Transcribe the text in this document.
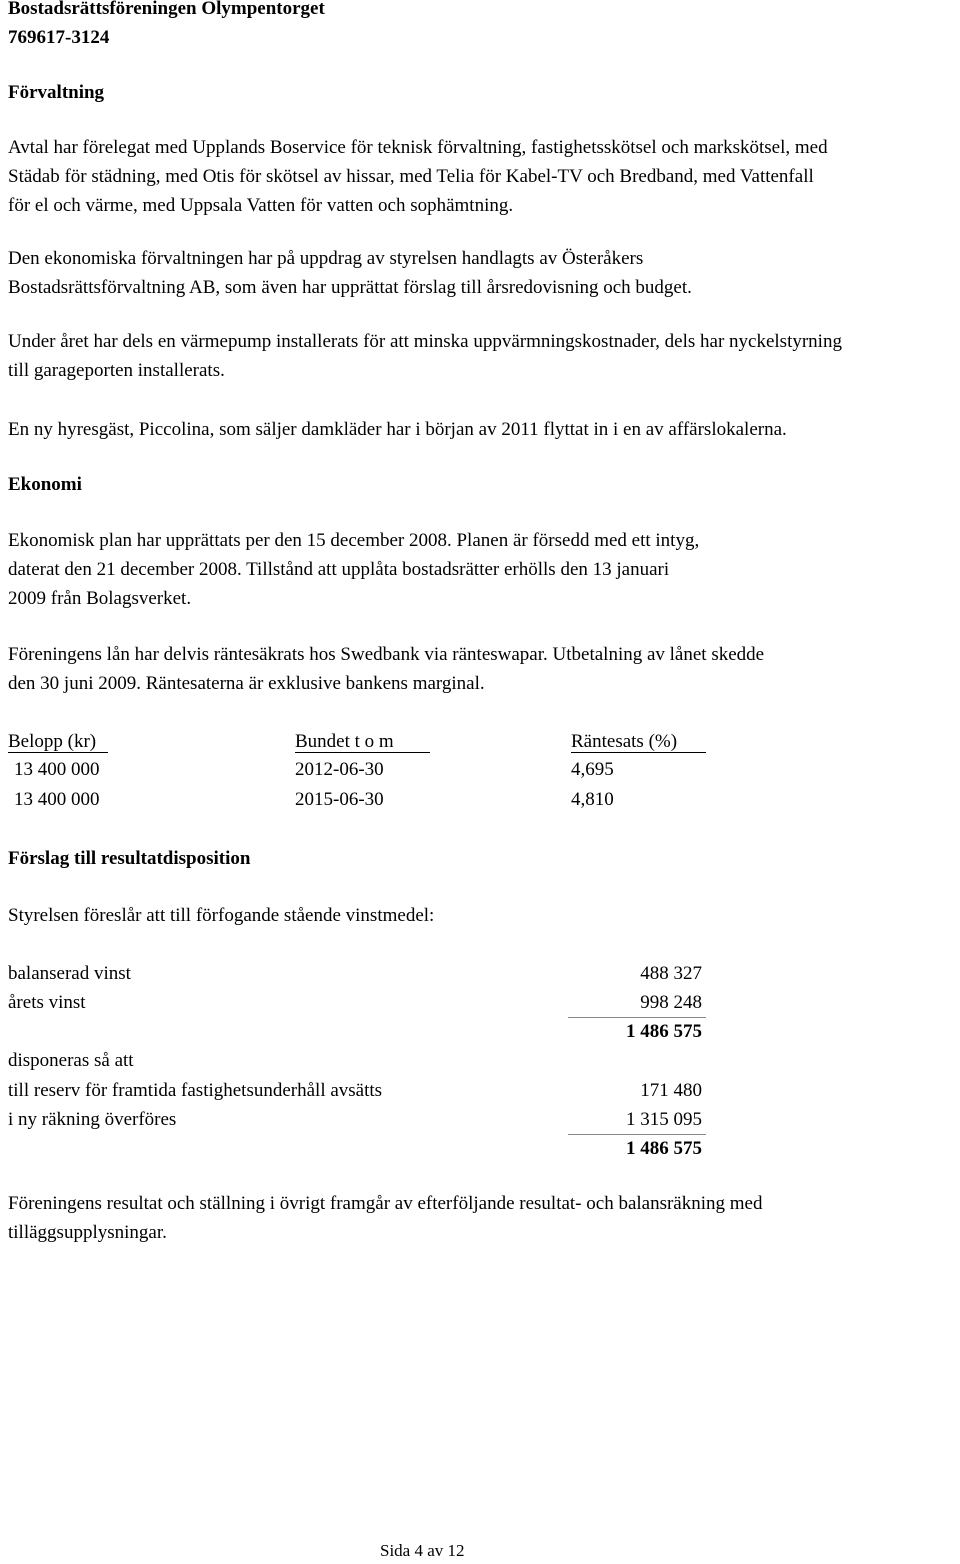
Bostadsrättsföreningen Olympentorget
769617-3124
Förvaltning
Avtal har förelegat med Upplands Boservice för teknisk förvaltning, fastighetsskötsel och markskötsel, med
Städab för städning, med Otis för skötsel av hissar, med Telia för Kabel-TV och Bredband, med Vattenfall
för el och värme, med Uppsala Vatten för vatten och sophämtning.
Den ekonomiska förvaltningen har på uppdrag av styrelsen handlagts av Österåkers
Bostadsrättsförvaltning AB, som även har upprättat förslag till årsredovisning och budget.
Under året har dels en värmepump installerats för att minska uppvärmningskostnader, dels har nyckelstyrning
till garageporten installerats.
En ny hyresgäst, Piccolina, som säljer damkläder har i början av 2011 flyttat in i en av affärslokalerna.
Ekonomi
Ekonomisk plan har upprättats per den 15 december 2008. Planen är försedd med ett intyg,
daterat den 21 december 2008. Tillstånd att upplåta bostadsrätter erhölls den 13 januari
2009 från Bolagsverket.
Föreningens lån har delvis räntesäkrats hos Swedbank via ränteswapar. Utbetalning av lånet skedde
den 30 juni 2009. Räntesaterna är exklusive bankens marginal.
Belopp (kr)	Bundet t o m	Räntesats (%)
13 400 000	2012-06-30	4,695
13 400 000	2015-06-30	4,810
Förslag till resultatdisposition
Styrelsen föreslår att till förfogande stående vinstmedel:
balanserad vinst	488 327
årets vinst	998 248
1 486 575
disponeras så att
till reserv för framtida fastighetsunderhåll avsätts	171 480
i ny räkning överföres	1 315 095
1 486 575
Föreningens resultat och ställning i övrigt framgår av efterföljande resultat- och balansräkning med
tilläggsupplysningar.
Sida 4 av 12
